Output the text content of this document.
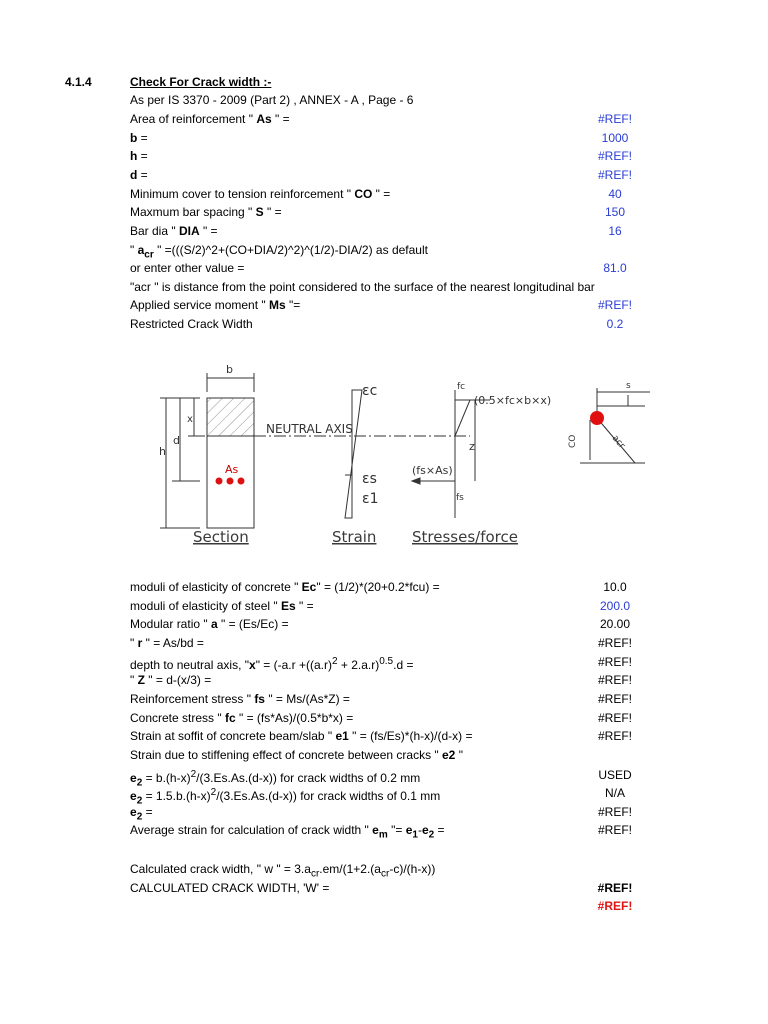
4.1.4	Check For Crack width :-
As per IS 3370 - 2009 (Part 2) , ANNEX - A , Page - 6
Area of reinforcement " As " =	#REF!
b =	1000
h =	#REF!
d =	#REF!
Minimum cover to tension reinforcement " CO " =	40
Maxmum bar spacing " S " =	150
Bar dia " DIA " =	16
" $a_{cr}$ " =(((S/2)^2+(CO+DIA/2)^2)^(1/2)-DIA/2) as default
or enter other value =	81.0
"acr " is distance from the point considered to the surface of the nearest longitudinal bar
Applied service moment " Ms "=	#REF!
Restricted Crack Width	0.2
b
h
d
x
As
NEUTRAL AXIS
εc
εs
ε1
fc
(0.5×fc×b×x)
z
(fs×As)
fs
s
CO	acr
Section	Strain Stresses/force
moduli of elasticity of concrete " Ec" = (1/2)*(20+0.2*fcu) =	10.0
moduli of elasticity of steel " Es " =	200.0
Modular ratio " a " = (Es/Ec) =	20.00
" r " = As/bd =	#REF!
depth to neutral axis, "x" = ($-a.r +((a.r)^2 + 2.a.r)^{0.5}.d$ =	#REF!
" Z " = d-(x/3) =	#REF!
Reinforcement stress " fs " = Ms/(As*Z) =	#REF!
Concrete stress " fc " = (fs*As)/(0.5*b*x) =	#REF!
Strain at soffit of concrete beam/slab " e1 " = (fs/Es)*(h-x)/(d-x) =	#REF!
Strain due to stiffening effect of concrete between cracks " e2 "
$e_2 = b.(h-x)^2/(3.Es.As.(d-x))$ for crack widths of 0.2 mm	USED
$e_2 = 1.5.b.(h-x)^2/(3.Es.As.(d-x))$ for crack widths of 0.1 mm	N/A
$e_2$ =	#REF!
Average strain for calculation of crack width " $e_m$ "= $e_1-e_2$ =	#REF!
Calculated crack width, " w " = $3.a_{cr}.em/(1+2.(a_{cr}-c)/(h-x))$
CALCULATED CRACK WIDTH, 'W' =	#REF!
#REF!
